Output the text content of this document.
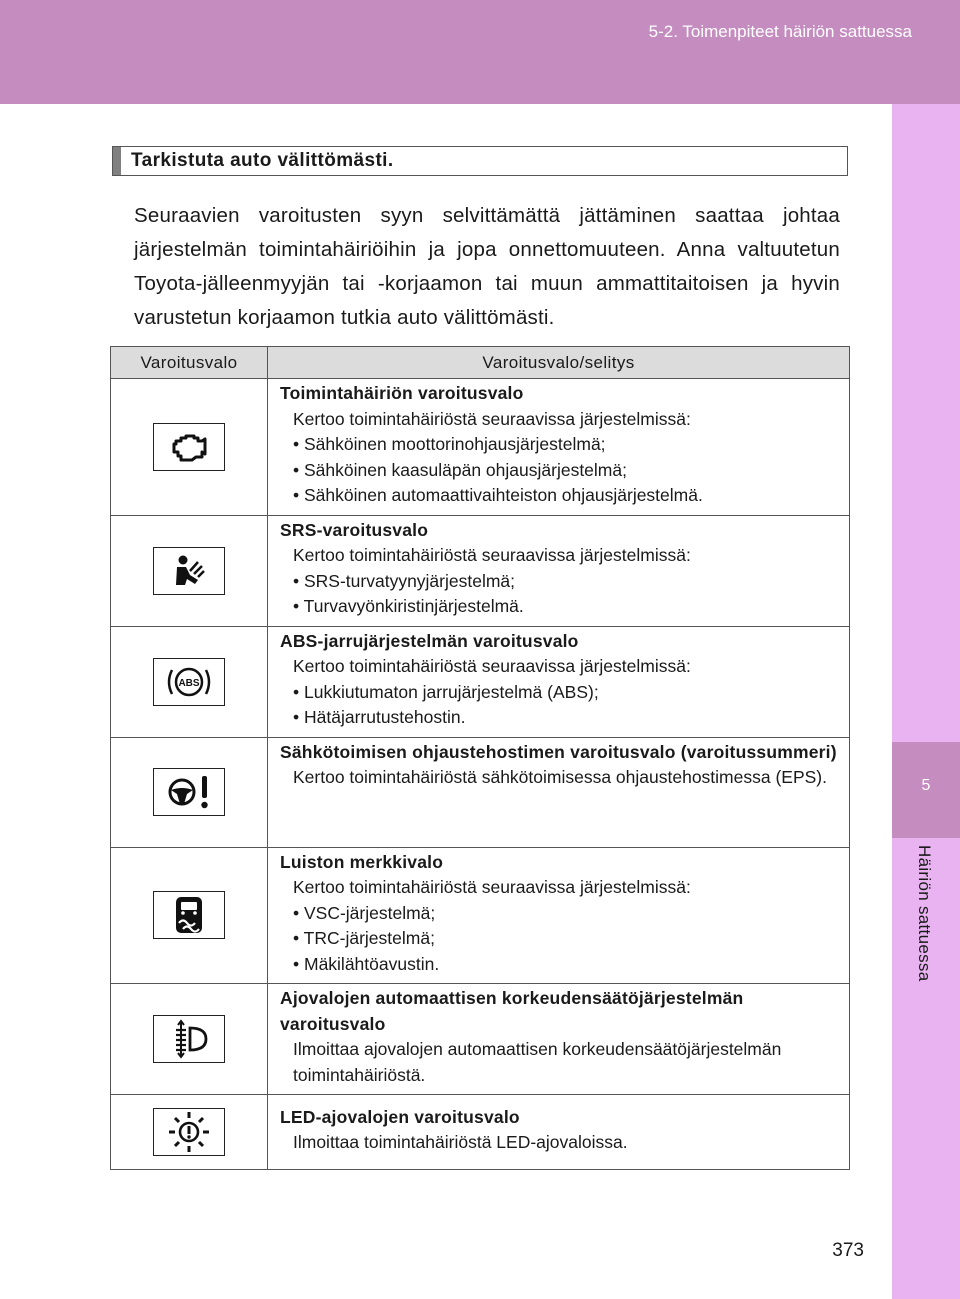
5-2. Toimenpiteet häiriön sattuessa
5
Häiriön sattuessa
Tarkistuta auto välittömästi.
Seuraavien varoitusten syyn selvittämättä jättäminen saattaa johtaa järjestelmän toimintahäiriöihin ja jopa onnettomuuteen. Anna valtuutetun Toyota-jälleenmyyjän tai -korjaamon tai muun ammattitaitoisen ja hyvin varustetun korjaamon tutkia auto välittömästi.
Varoitusvalo	Varoitusvalo/selitys

Toimintahäiriön varoitusvalo
Kertoo toimintahäiriöstä seuraavissa järjestelmissä:
• Sähköinen moottorinohjausjärjestelmä;
• Sähköinen kaasuläpän ohjausjärjestelmä;
• Sähköinen automaattivaihteiston ohjausjärjestelmä.

SRS-varoitusvalo
Kertoo toimintahäiriöstä seuraavissa järjestelmissä:
• SRS-turvatyynyjärjestelmä;
• Turvavyönkiristinjärjestelmä.

ABS	ABS-jarrujärjestelmän varoitusvalo
Kertoo toimintahäiriöstä seuraavissa järjestelmissä:
• Lukkiutumaton jarrujärjestelmä (ABS);
• Hätäjarrutustehostin.

Sähkötoimisen ohjaustehostimen varoitusvalo (varoitussummeri)
Kertoo toimintahäiriöstä sähkötoimisessa ohjaustehostimessa (EPS).

Luiston merkkivalo
Kertoo toimintahäiriöstä seuraavissa järjestelmissä:
• VSC-järjestelmä;
• TRC-järjestelmä;
• Mäkilähtöavustin.

Ajovalojen automaattisen korkeudensäätöjärjestelmän varoitusvalo
Ilmoittaa ajovalojen automaattisen korkeudensäätöjärjestelmän toimintahäiriöstä.

LED-ajovalojen varoitusvalo
Ilmoittaa toimintahäiriöstä LED-ajovaloissa.
373
